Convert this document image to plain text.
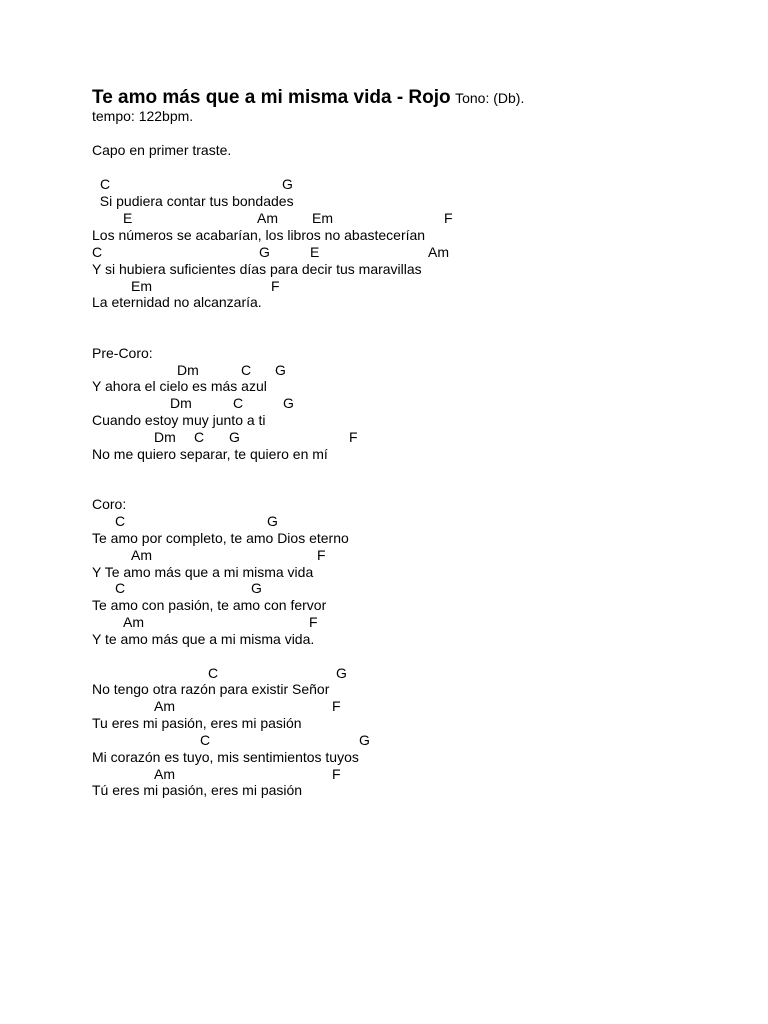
Te amo más que a mi misma vida - Rojo Tono: (Db).
tempo: 122bpm.
Capo en primer traste.
C	G
Si pudiera contar tus bondades
E	Am Em	F
Los números se acabarían, los libros no abastecerían
C	G	E	Am
Y si hubiera suficientes días para decir tus maravillas
Em	F
La eternidad no alcanzaría.
Pre-Coro:
Dm	C G
Y ahora el cielo es más azul
Dm	C	G
Cuando estoy muy junto a ti
Dm C G	F
No me quiero separar, te quiero en mí
Coro:
C	G
Te amo por completo, te amo Dios eterno
Am	F
Y Te amo más que a mi misma vida
C	G
Te amo con pasión, te amo con fervor
Am	F
Y te amo más que a mi misma vida.
C	G
No tengo otra razón para existir Señor
Am	F
Tu eres mi pasión, eres mi pasión
C	G
Mi corazón es tuyo, mis sentimientos tuyos
Am	F
Tú eres mi pasión, eres mi pasión
